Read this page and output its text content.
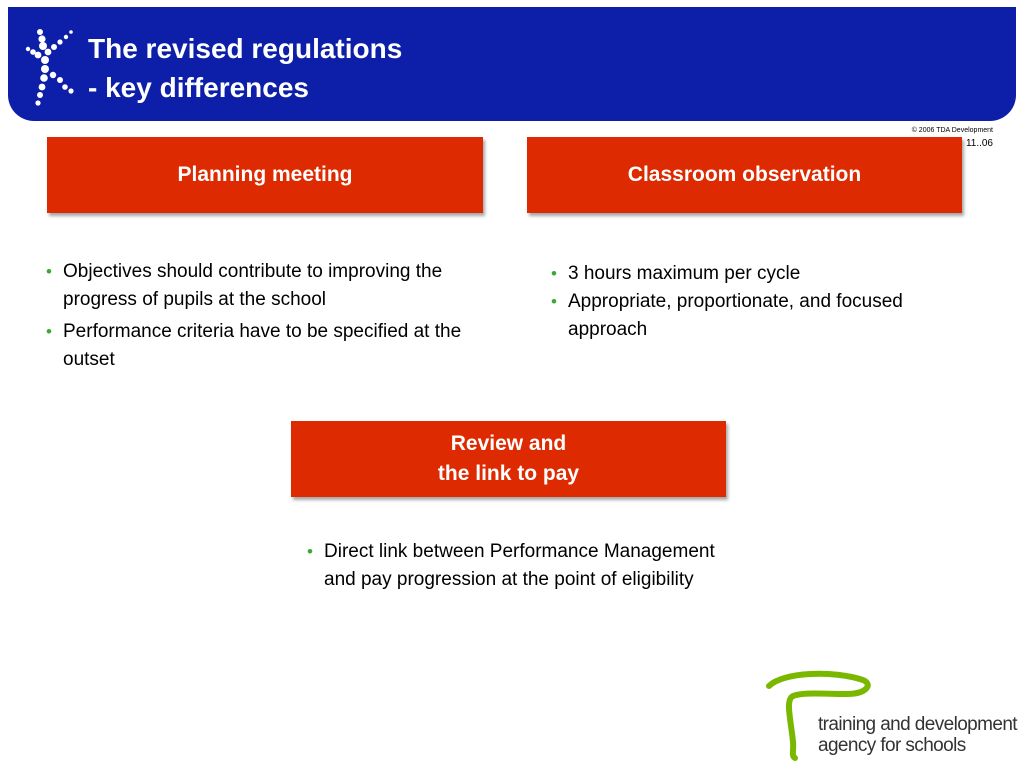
The revised regulations
- key differences
© 2006 TDA Development
11..06
Planning meeting	Classroom observation
• Objectives should contribute to improving the progress of pupils at the school
• Performance criteria have to be specified at the outset
• 3 hours maximum per cycle
• Appropriate, proportionate, and focused approach
Review and
the link to pay
• Direct link between Performance Management and pay progression at the point of eligibility
training and development
agency for schools
